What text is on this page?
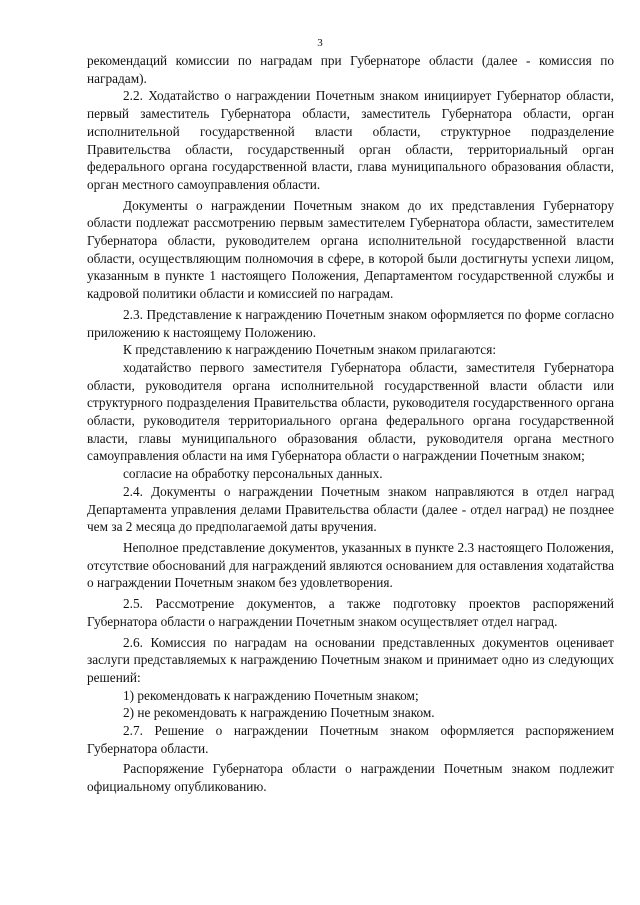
3

рекомендаций комиссии по наградам при Губернаторе области (далее - комиссия по наградам).

2.2. Ходатайство о награждении Почетным знаком инициирует Губернатор области, первый заместитель Губернатора области, заместитель Губернатора области, орган исполнительной государственной власти области, структурное подразделение Правительства области, государственный орган области, территориальный орган федерального органа государственной власти, глава муниципального образования области, орган местного самоуправления области.

Документы о награждении Почетным знаком до их представления Губернатору области подлежат рассмотрению первым заместителем Губернатора области, заместителем Губернатора области, руководителем органа исполнительной государственной власти области, осуществляющим полномочия в сфере, в которой были достигнуты успехи лицом, указанным в пункте 1 настоящего Положения, Департаментом государственной службы и кадровой политики области и комиссией по наградам.

2.3. Представление к награждению Почетным знаком оформляется по форме согласно приложению к настоящему Положению.

К представлению к награждению Почетным знаком прилагаются:

ходатайство первого заместителя Губернатора области, заместителя Губернатора области, руководителя органа исполнительной государственной власти области или структурного подразделения Правительства области, руководителя государственного органа области, руководителя территориального органа федерального органа государственной власти, главы муниципального образования области, руководителя органа местного самоуправления области на имя Губернатора области о награждении Почетным знаком;

согласие на обработку персональных данных.

2.4. Документы о награждении Почетным знаком направляются в отдел наград Департамента управления делами Правительства области (далее - отдел наград) не позднее чем за 2 месяца до предполагаемой даты вручения.

Неполное представление документов, указанных в пункте 2.3 настоящего Положения, отсутствие обоснований для награждений являются основанием для оставления ходатайства о награждении Почетным знаком без удовлетворения.

2.5. Рассмотрение документов, а также подготовку проектов распоряжений Губернатора области о награждении Почетным знаком осуществляет отдел наград.

2.6. Комиссия по наградам на основании представленных документов оценивает заслуги представляемых к награждению Почетным знаком и принимает одно из следующих решений:

1) рекомендовать к награждению Почетным знаком;

2) не рекомендовать к награждению Почетным знаком.

2.7. Решение о награждении Почетным знаком оформляется распоряжением Губернатора области.

Распоряжение Губернатора области о награждении Почетным знаком подлежит официальному опубликованию.
